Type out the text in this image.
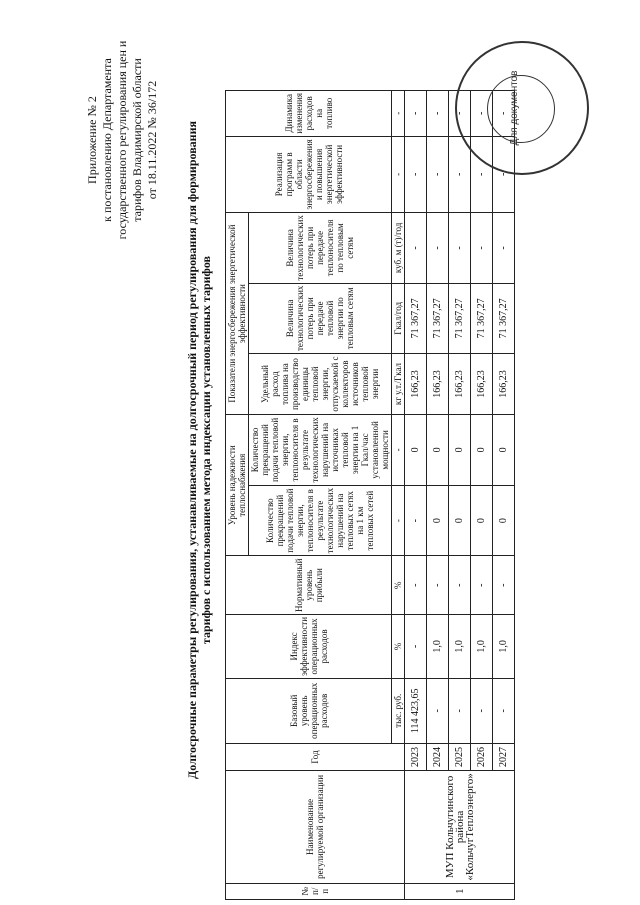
Приложение № 2 к постановлению Департамента государственного регулирования цен и тарифов Владимирской области от 18.11.2022 № 36/172 Долгосрочные параметры регулирования, устанавливаемые на долгосрочный период регулирования для формирования тарифов с использованием метода индексации установленных тарифов
№ п/п	Наименование регулируемой организации	Год	Базовый уровень операционных расходов	Индекс эффективности операционных расходов	Нормативный уровень прибыли	Уровень надежности теплоснабжения		Показатели энергосбережения энергетической эффективности			Реализация программ в области энергосбережения и повышения энергетической эффективности	Динамика изменения расходов на топливо
						Количество прекращений подачи тепловой энергии, теплоносителя в результате технологических нарушений на тепловых сетях на 1 км тепловых сетей	Количество прекращений подачи тепловой энергии, теплоносителя в результате технологических нарушений на источниках тепловой энергии на 1 Гкал/час установленной мощности	Удельный расход топлива на производство единицы тепловой энергии, отпускаемой с коллекторов источников тепловой энергии	Величина технологических потерь при передаче тепловой энергии по тепловым сетям	Величина технологических потерь при передаче теплоносителя по тепловым сетям		
			тыс. руб.	%	%	-	-	кг у.т./Гкал	Гкал/год	куб. м (т)/год	-	-
1	МУП Кольчугинского района «КольчугТеплоэнерго»	2023	114 423,65	-	-	-	0	166,23	71 367,27	-	-	-
		2024	-	1,0	-	0	0	166,23	71 367,27	-	-	-
		2025	-	1,0	-	0	0	166,23	71 367,27	-	-	-
		2026	-	1,0	-	0	0	166,23	71 367,27	-	-	-
		2027	-	1,0	-	0	0	166,23	71 367,27	-	-	- Для документов
